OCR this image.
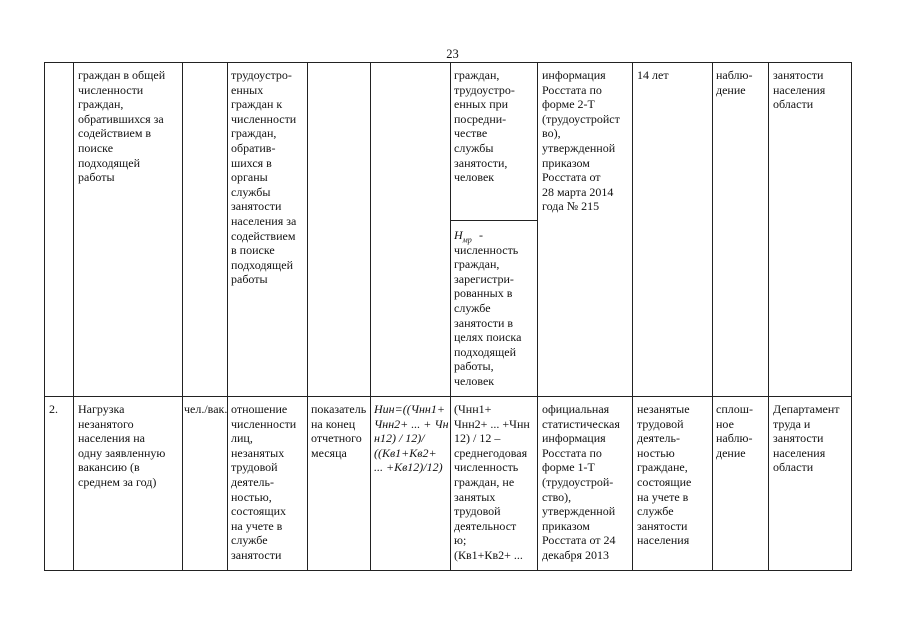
23
граждан в общей
численности
граждан,
обратившихся за
содействием в
поиске
подходящей
работы
трудоустро-
енных
граждан к
численности
граждан,
обратив-
шихся в
органы
службы
занятости
населения за
содействием
в поиске
подходящей
работы
граждан,
трудоустро-
енных при
посредни-
честве
службы
занятости,
человек
$Н_{мр}$ -
численность
граждан,
зарегистри-
рованных в
службе
занятости в
целях поиска
подходящей
работы,
человек
информация
Росстата по
форме 2-Т
(трудоустройст
во),
утвержденной
приказом
Росстата от
28 марта 2014
года № 215
14 лет	наблю-
дение
занятости
населения
области
2.	Нагрузка
незанятого
населения на
одну заявленную
вакансию (в
среднем за год)
чел./вак. отношение
численности
лиц,
незанятых
трудовой
деятель-
ностью,
состоящих
на учете в
службе
занятости
показатель
на конец
отчетного
месяца
Нин=((Чнн1+
Чнн2+ ... + Чн
н12) / 12)/
((Кв1+Кв2+
... +Кв12)/12)
(Чнн1+
Чнн2+ ... +Чнн
12) / 12 –
среднегодовая
численность
граждан, не
занятых
трудовой
деятельност
ю;
(Кв1+Кв2+ ...
официальная
статистическая
информация
Росстата по
форме 1-Т
(трудоустрой-
ство),
утвержденной
приказом
Росстата от 24
декабря 2013
незанятые
трудовой
деятель-
ностью
граждане,
состоящие
на учете в
службе
занятости
населения
сплош-
ное
наблю-
дение
Департамент
труда и
занятости
населения
области
